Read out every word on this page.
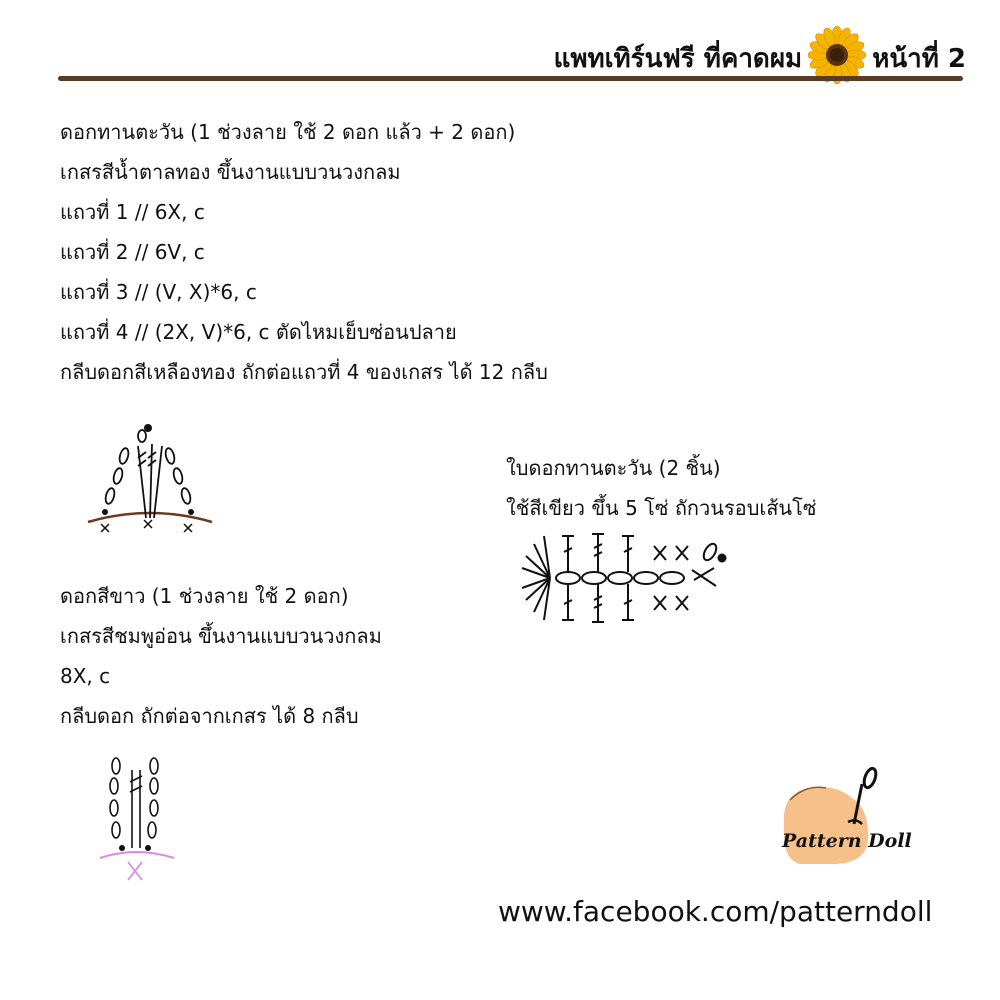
แพทเทิร์นฟรี ที่คาดผม	หน้าที่ 2
ดอกทานตะวัน (1 ช่วงลาย ใช้ 2 ดอก แล้ว + 2 ดอก)
เกสรสีน้ำตาลทอง ขึ้นงานแบบวนวงกลม
แถวที่ 1 // 6X, c
แถวที่ 2 // 6V, c
แถวที่ 3 // (V, X)*6, c
แถวที่ 4 // (2X, V)*6, c ตัดไหมเย็บซ่อนปลาย
กลีบดอกสีเหลืองทอง ถักต่อแถวที่ 4 ของเกสร ได้ 12 กลีบ
ใบดอกทานตะวัน (2 ชิ้น)
ใช้สีเขียว ขึ้น 5 โซ่ ถักวนรอบเส้นโซ่
ดอกสีขาว (1 ช่วงลาย ใช้ 2 ดอก)
เกสรสีชมพูอ่อน ขึ้นงานแบบวนวงกลม
8X, c
กลีบดอก ถักต่อจากเกสร ได้ 8 กลีบ
Pattern Doll
www.facebook.com/patterndoll
